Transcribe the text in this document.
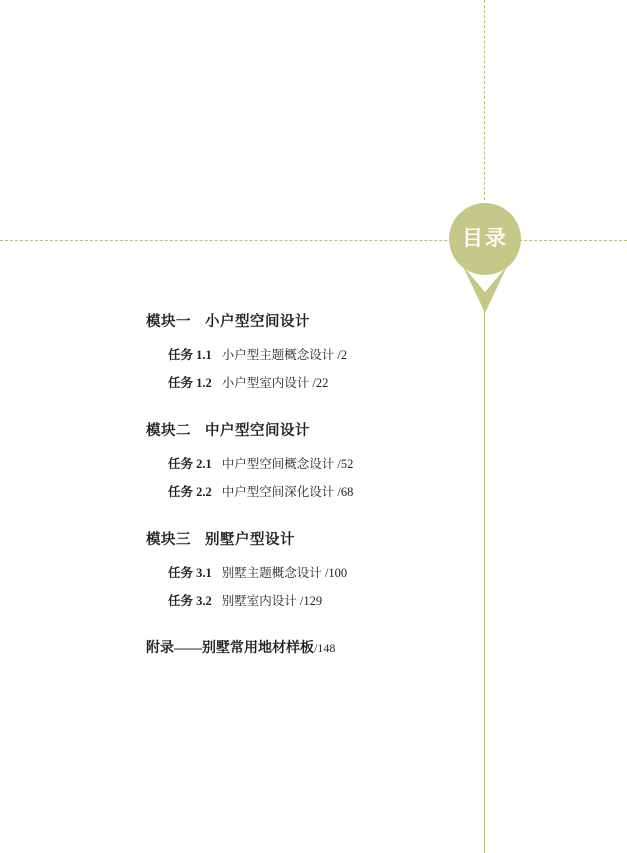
目录
模块一 小户型空间设计
任务 1.1 小户型主题概念设计 /2
任务 1.2 小户型室内设计 /22
模块二 中户型空间设计
任务 2.1 中户型空间概念设计 /52
任务 2.2 中户型空间深化设计 /68
模块三 别墅户型设计
任务 3.1 别墅主题概念设计 /100
任务 3.2 别墅室内设计 /129
附录——别墅常用地材样板/148
